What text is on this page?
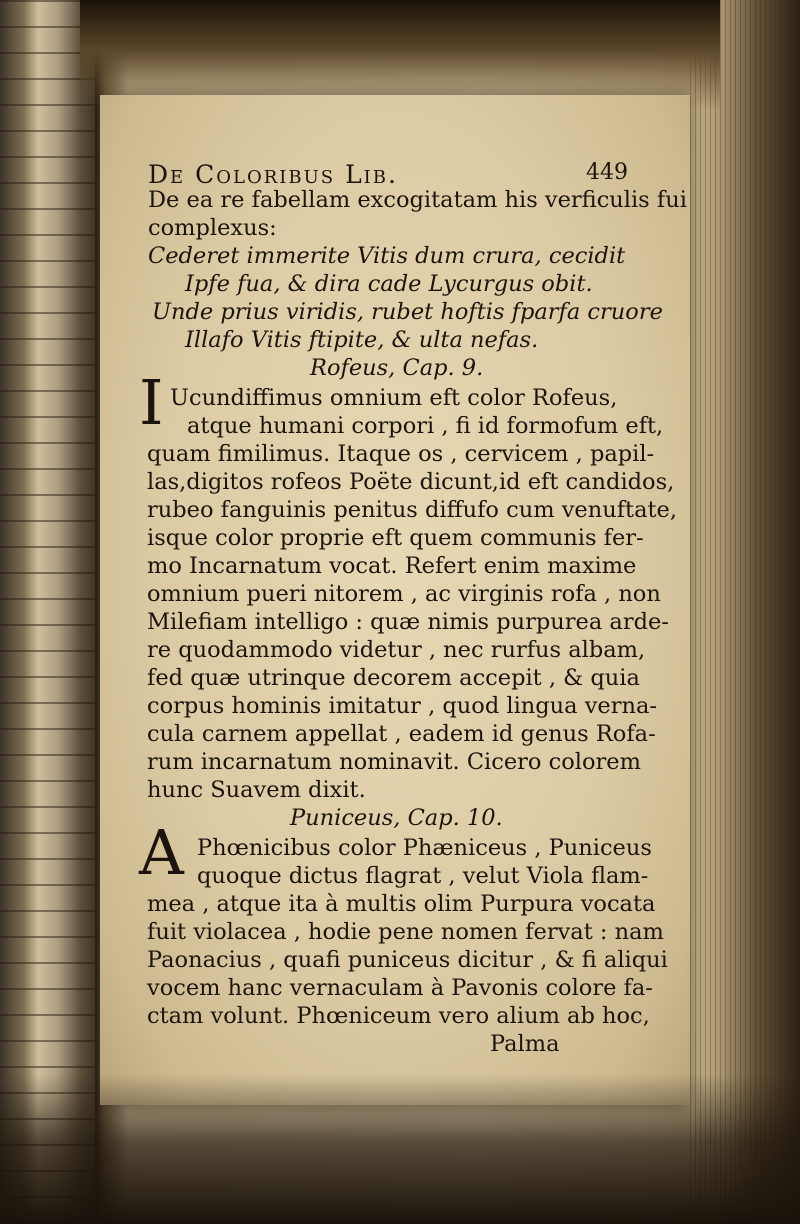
De Coloribus Lib.	449
De ea re fabellam excogitatam his verficulis fui
complexus:
Cederet immerite Vitis dum crura, cecidit
Ipfe fua, & dira cade Lycurgus obit.
Unde prius viridis, rubet hoftis fparfa cruore
Illafo Vitis ftipite, & ulta nefas.
Rofeus, Cap. 9.
I Ucundiffimus omnium eft color Rofeus,
atque humani corpori , fi id formofum eft,
quam fimilimus. Itaque os , cervicem , papil-
las,digitos rofeos Poëte dicunt,id eft candidos,
rubeo fanguinis penitus diffufo cum venuftate,
isque color proprie eft quem communis fer-
mo Incarnatum vocat. Refert enim maxime
omnium pueri nitorem , ac virginis rofa , non
Milefiam intelligo : quæ nimis purpurea arde-
re quodammodo videtur , nec rurfus albam,
fed quæ utrinque decorem accepit , & quia
corpus hominis imitatur , quod lingua verna-
cula carnem appellat , eadem id genus Rofa-
rum incarnatum nominavit. Cicero colorem
hunc Suavem dixit.
Puniceus, Cap. 10.
A Phœnicibus color Phæniceus , Puniceus
quoque dictus flagrat , velut Viola flam-
mea , atque ita à multis olim Purpura vocata
fuit violacea , hodie pene nomen fervat : nam
Paonacius , quafi puniceus dicitur , & fi aliqui
vocem hanc vernaculam à Pavonis colore fa-
ctam volunt. Phœniceum vero alium ab hoc,
Palma
